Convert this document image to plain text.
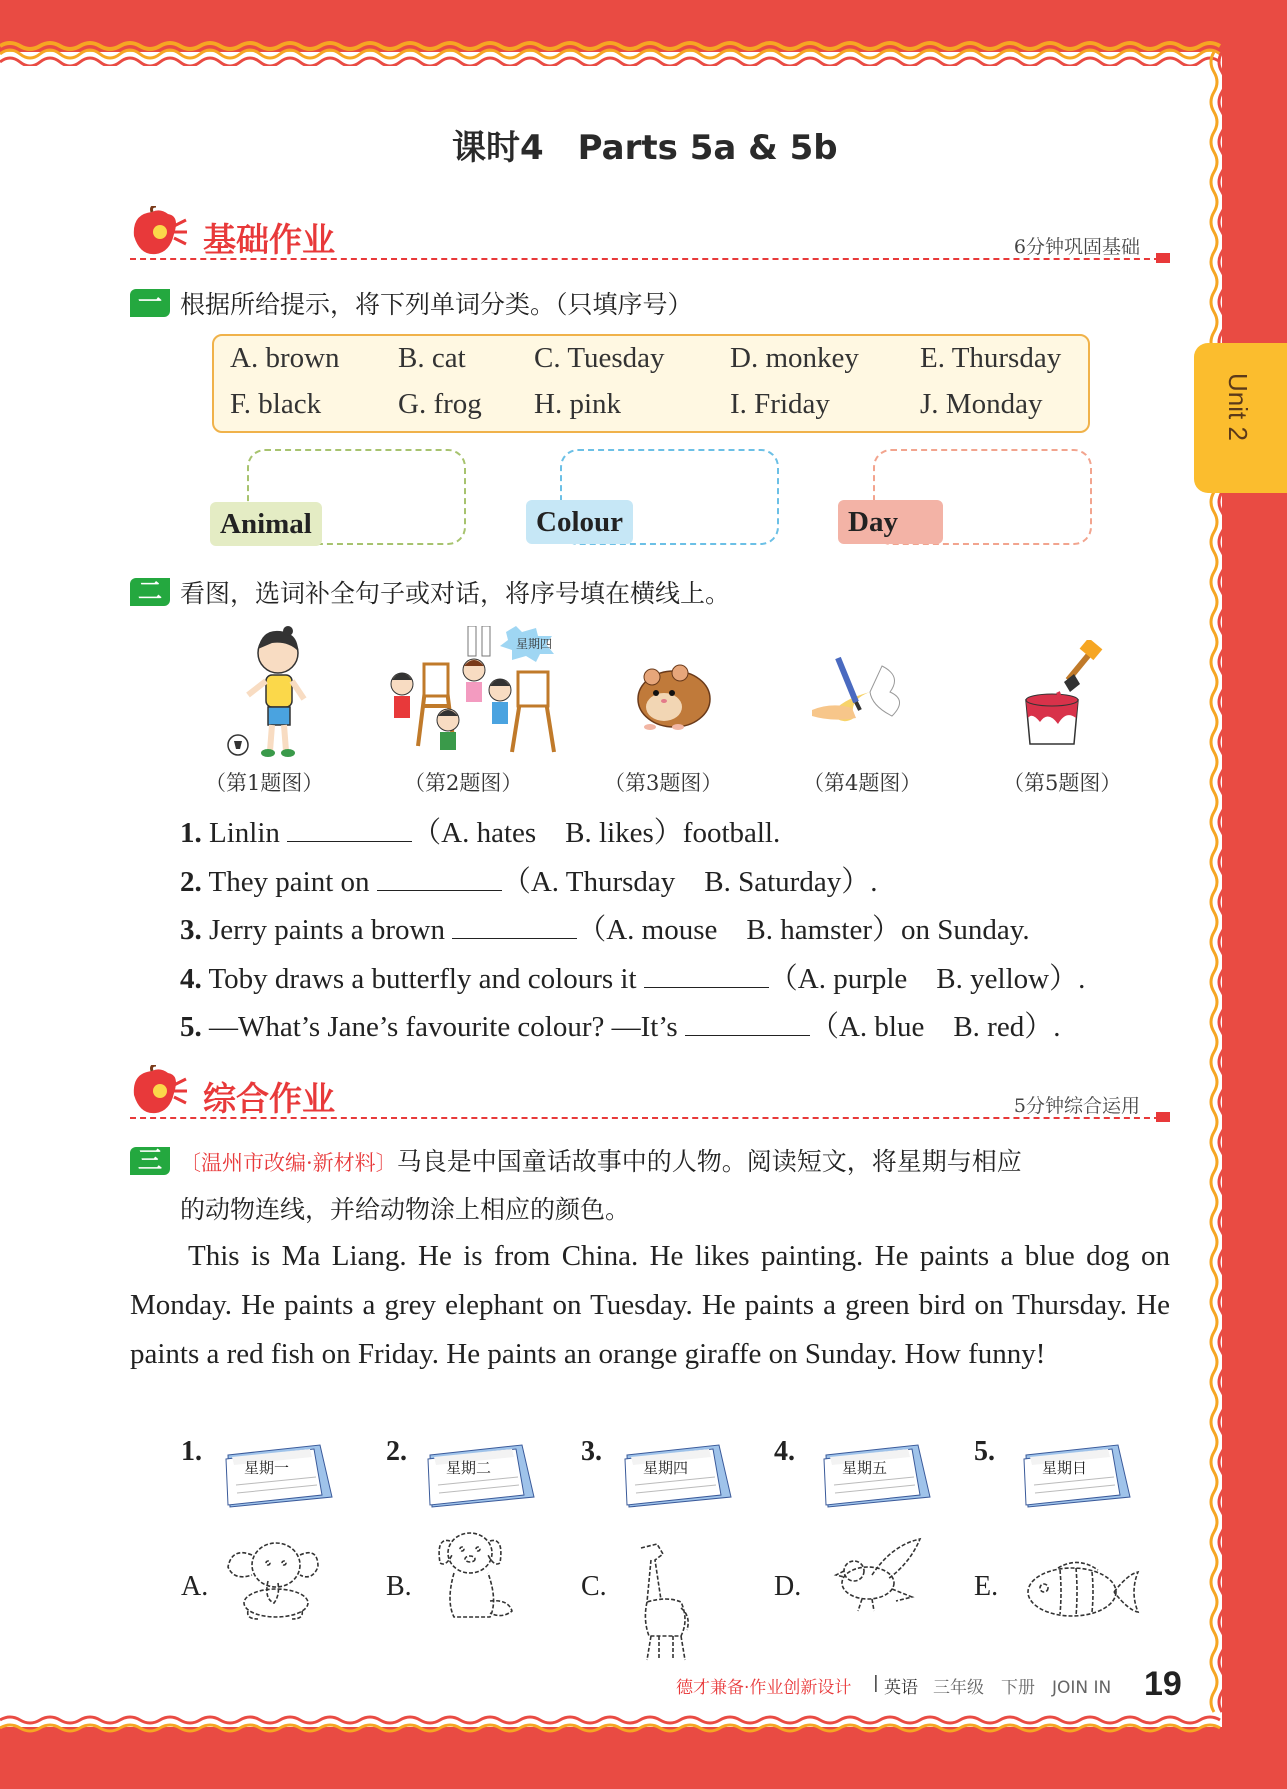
Unit 2
课时4　Parts 5a & 5b
基础作业	6分钟巩固基础
一 根据所给提示，将下列单词分类。（只填序号）
A. brown B. cat C. Tuesday D. monkey E. Thursday
F. black	G. frog H. pink	I. Friday	J. Monday
Animal	Colour	Day
二 看图，选词补全句子或对话，将序号填在横线上。
星期四
（第1题图）	（第2题图）	（第3题图）	（第4题图）	（第5题图）
1. Linlin	（A. hates　B. likes）football.
2. They paint on	（A. Thursday　B. Saturday）.
3. Jerry paints a brown	（A. mouse　B. hamster）on Sunday.
4. Toby draws a butterfly and colours it	（A. purple　B. yellow）.
5. —What’s Jane’s favourite colour? —It’s	（A. blue　B. red）.
综合作业	5分钟综合运用
三 〔温州市改编·新材料〕马良是中国童话故事中的人物。阅读短文，将星期与相应
的动物连线，并给动物涂上相应的颜色。

This is Ma Liang. He is from China. He likes painting. He paints a blue dog on Monday. He paints a grey elephant on Tuesday. He paints a green bird on Thursday. He paints a red fish on Friday. He paints an orange giraffe on Sunday. How funny!

1.	2.	3.	4.	5.
星期一	星期二	星期四	星期五	星期日
A.	B.	C.	D.	E.
德才兼备·作业创新设计 | 英语 三年级　下册　JOIN IN 19
